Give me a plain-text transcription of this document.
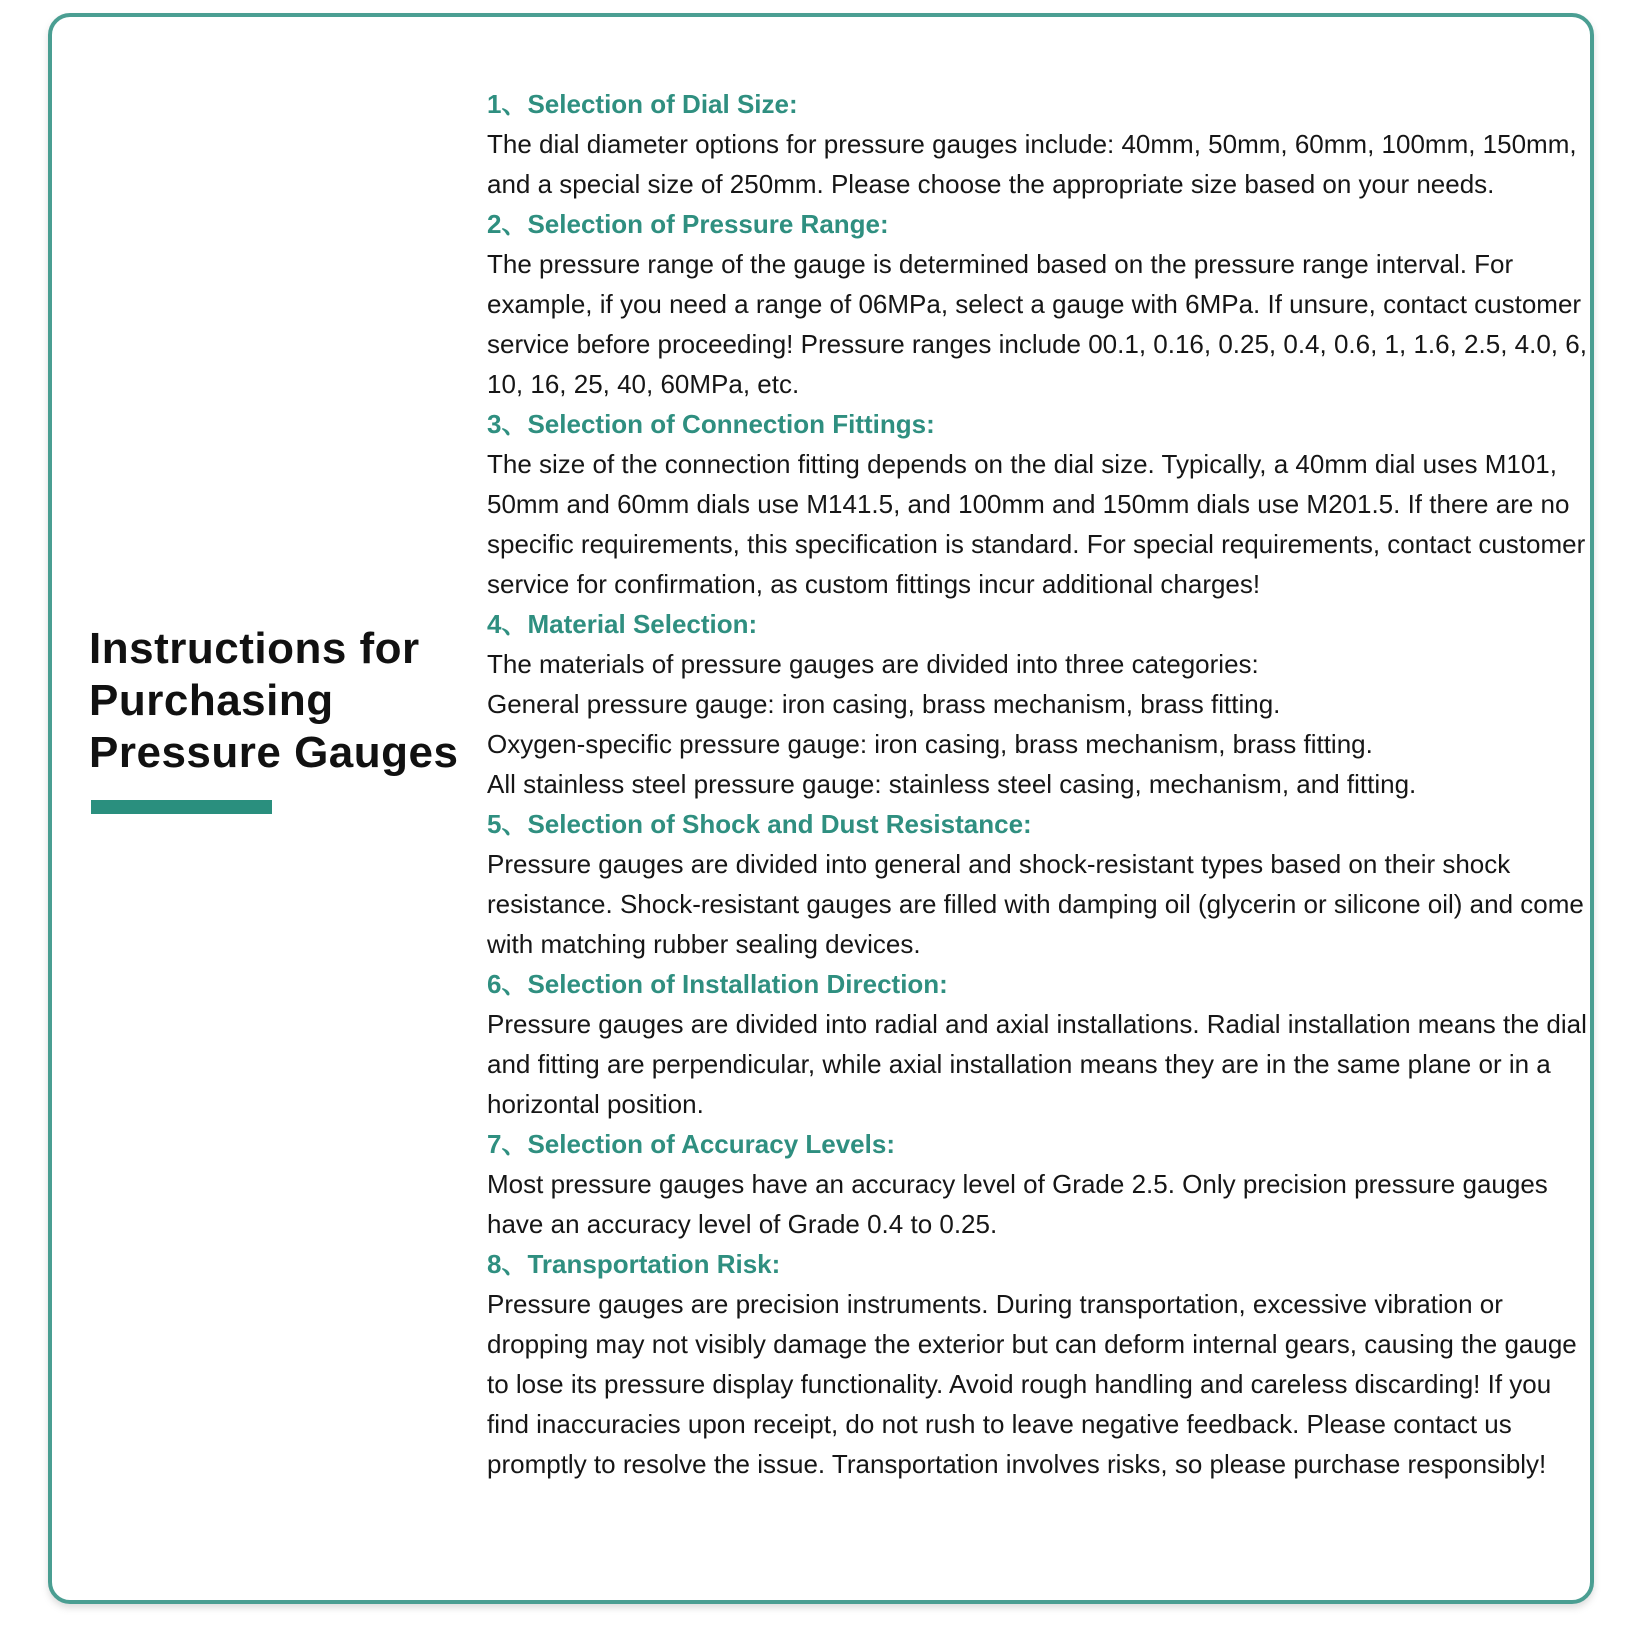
Instructions for Purchasing Pressure Gauges
1、Selection of Dial Size:

The dial diameter options for pressure gauges include: 40mm, 50mm, 60mm, 100mm, 150mm, and a special size of 250mm. Please choose the appropriate size based on your needs.

2、Selection of Pressure Range:

The pressure range of the gauge is determined based on the pressure range interval. For example, if you need a range of 06MPa, select a gauge with 6MPa. If unsure, contact customer service before proceeding! Pressure ranges include 00.1, 0.16, 0.25, 0.4, 0.6, 1, 1.6, 2.5, 4.0, 6, 10, 16, 25, 40, 60MPa, etc.

3、Selection of Connection Fittings:

The size of the connection fitting depends on the dial size. Typically, a 40mm dial uses M101, 50mm and 60mm dials use M141.5, and 100mm and 150mm dials use M201.5. If there are no specific requirements, this specification is standard. For special requirements, contact customer service for confirmation, as custom fittings incur additional charges!

4、Material Selection:

The materials of pressure gauges are divided into three categories:

General pressure gauge: iron casing, brass mechanism, brass fitting.

Oxygen-specific pressure gauge: iron casing, brass mechanism, brass fitting.

All stainless steel pressure gauge: stainless steel casing, mechanism, and fitting.

5、Selection of Shock and Dust Resistance:

Pressure gauges are divided into general and shock-resistant types based on their shock resistance. Shock-resistant gauges are filled with damping oil (glycerin or silicone oil) and come with matching rubber sealing devices.

6、Selection of Installation Direction:

Pressure gauges are divided into radial and axial installations. Radial installation means the dial and fitting are perpendicular, while axial installation means they are in the same plane or in a horizontal position.

7、Selection of Accuracy Levels:

Most pressure gauges have an accuracy level of Grade 2.5. Only precision pressure gauges have an accuracy level of Grade 0.4 to 0.25.

8、Transportation Risk:

Pressure gauges are precision instruments. During transportation, excessive vibration or dropping may not visibly damage the exterior but can deform internal gears, causing the gauge to lose its pressure display functionality. Avoid rough handling and careless discarding! If you find inaccuracies upon receipt, do not rush to leave negative feedback. Please contact us promptly to resolve the issue. Transportation involves risks, so please purchase responsibly!
